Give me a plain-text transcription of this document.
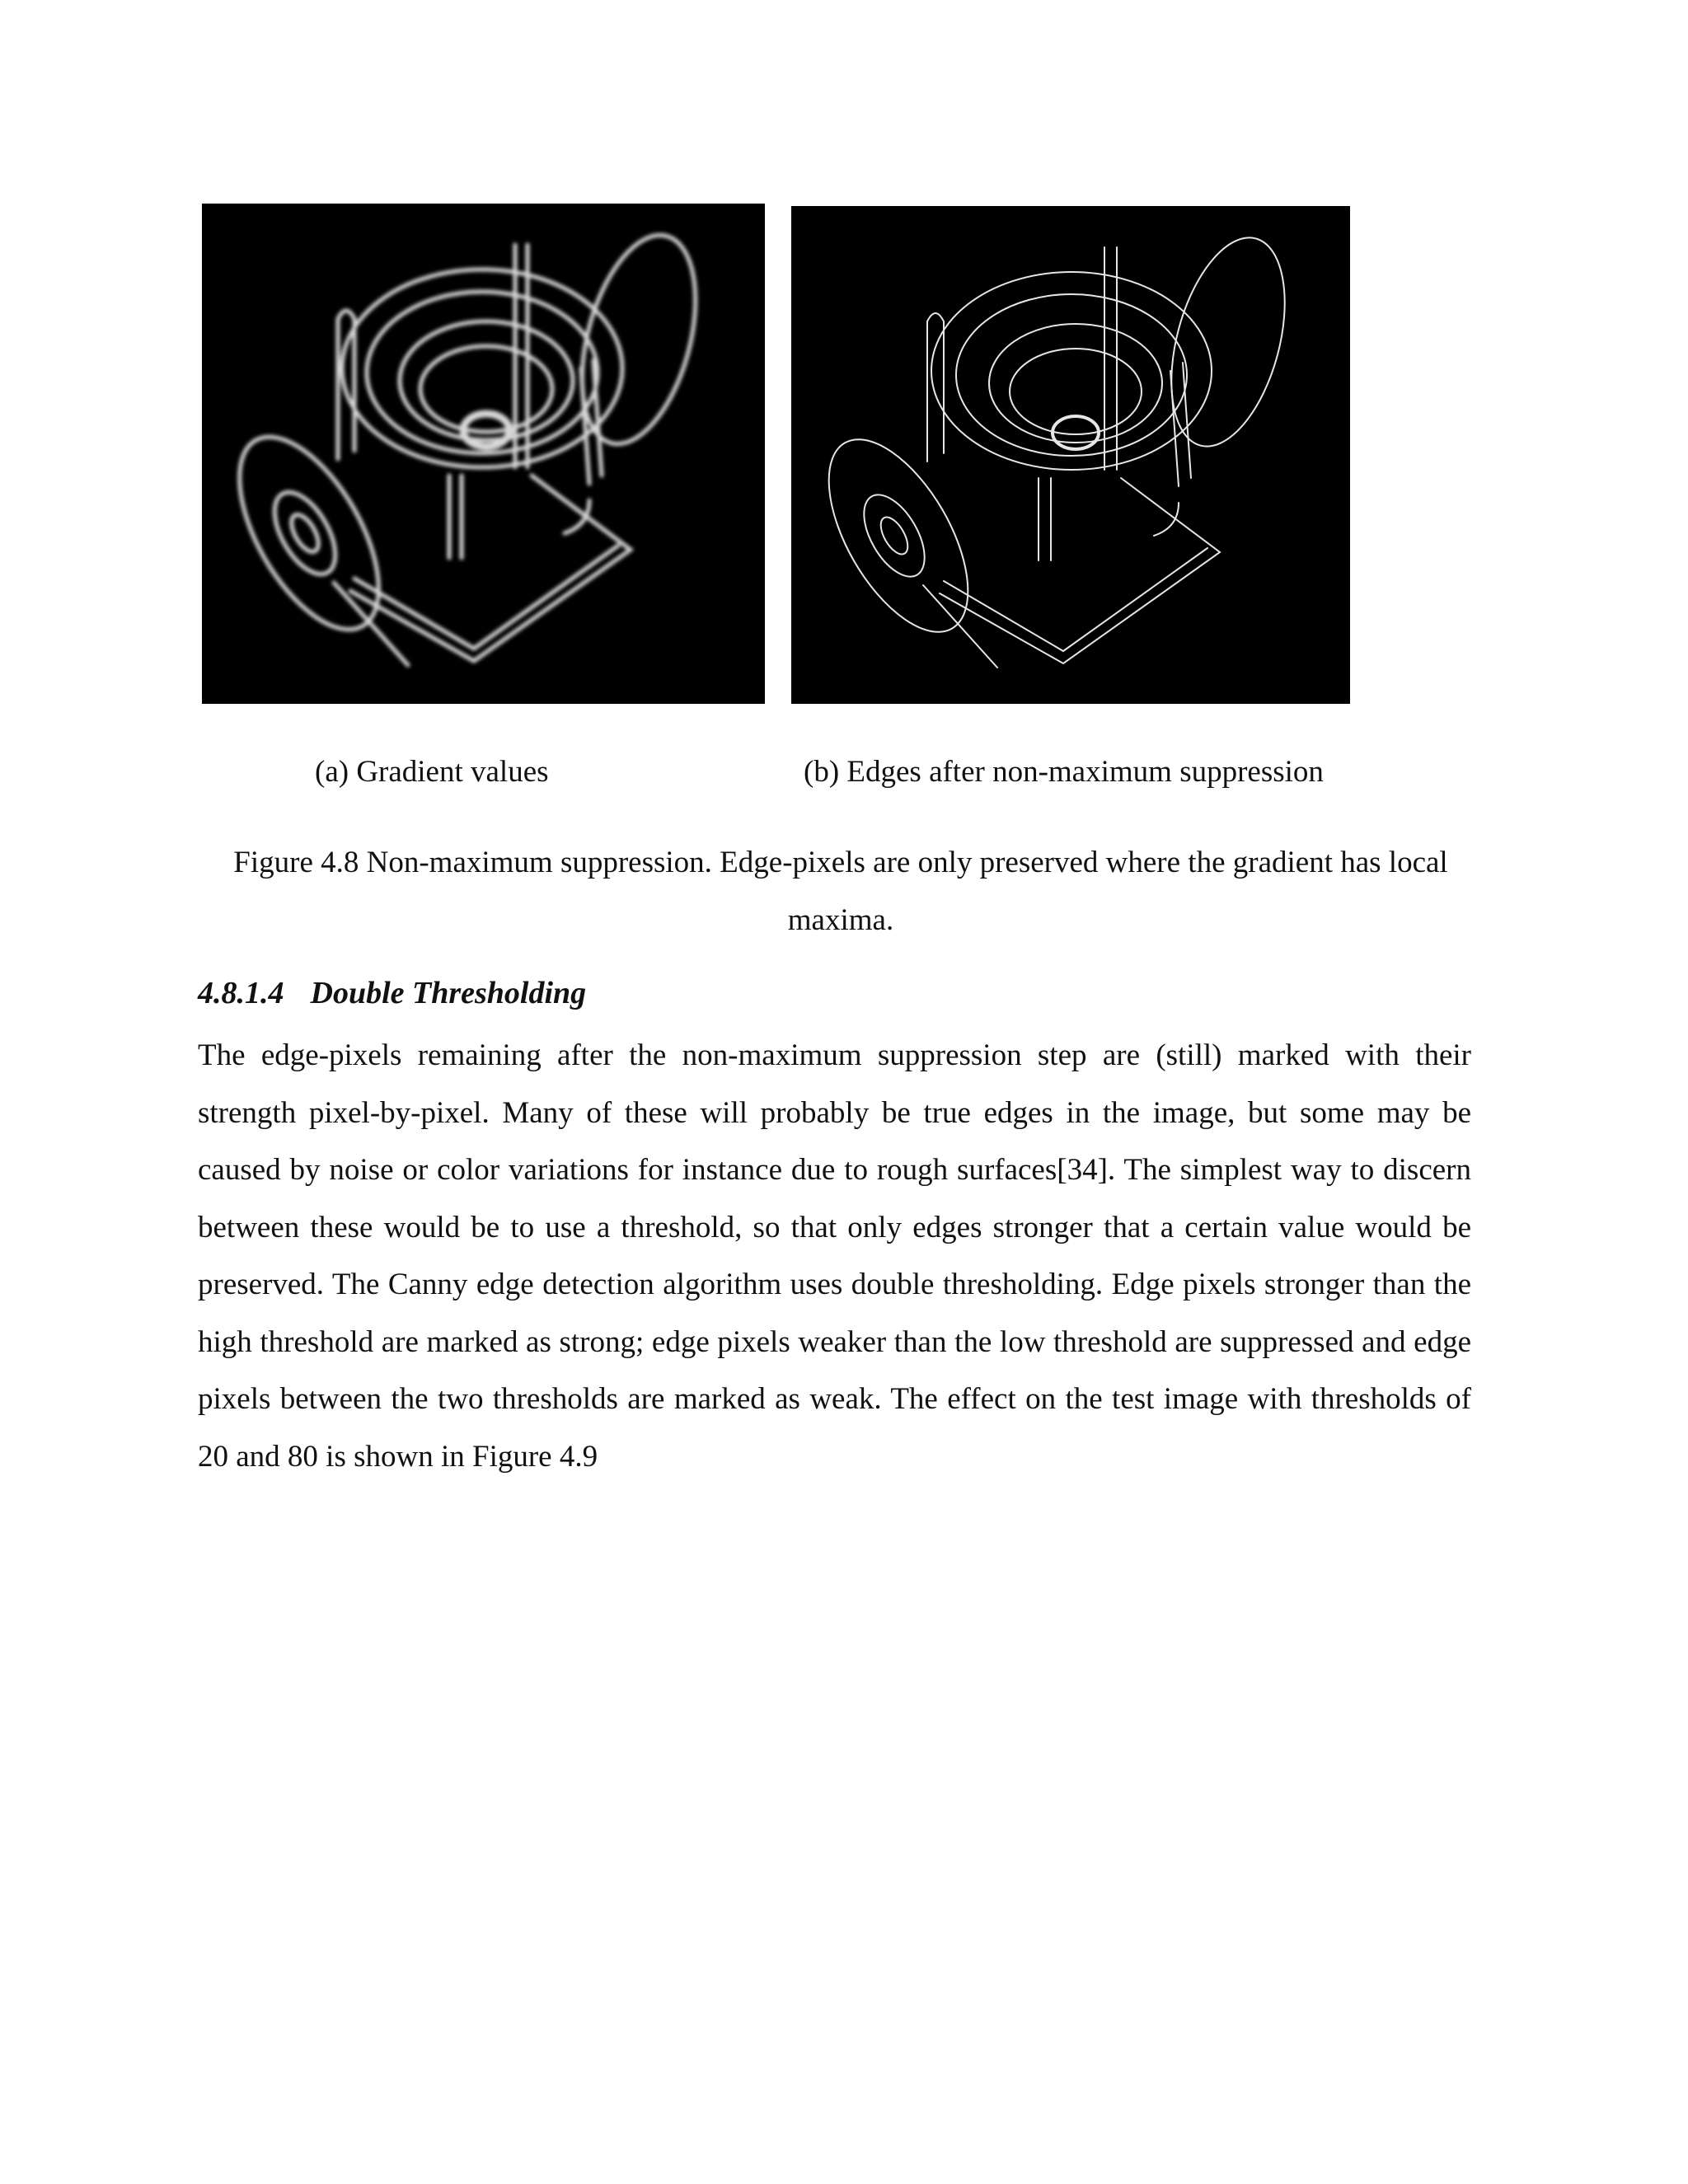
(a) Gradient values	(b) Edges after non-maximum suppression
Figure 4.8 Non-maximum suppression. Edge-pixels are only preserved where the gradient has local maxima.
4.8.1.4 Double Thresholding
The edge-pixels remaining after the non-maximum suppression step are (still) marked with their strength pixel-by-pixel. Many of these will probably be true edges in the image, but some may be caused by noise or color variations for instance due to rough surfaces[34]. The simplest way to discern between these would be to use a threshold, so that only edges stronger that a certain value would be preserved. The Canny edge detection algorithm uses double thresholding. Edge pixels stronger than the high threshold are marked as strong; edge pixels weaker than the low threshold are suppressed and edge pixels between the two thresholds are marked as weak. The effect on the test image with thresholds of 20 and 80 is shown in Figure 4.9
